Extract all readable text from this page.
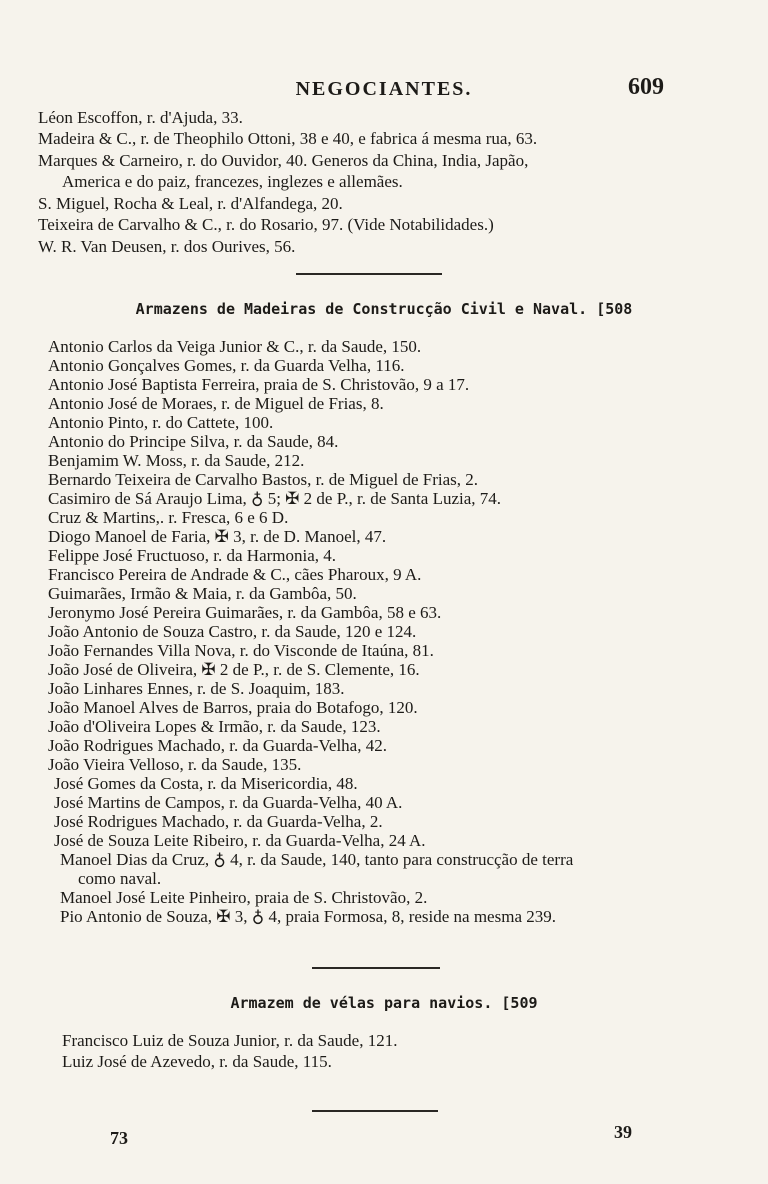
NEGOCIANTES.	609
Léon Escoffon, r. d'Ajuda, 33.
Madeira & C., r. de Theophilo Ottoni, 38 e 40, e fabrica á mesma rua, 63.
Marques & Carneiro, r. do Ouvidor, 40. Generos da China, India, Japão,
America e do paiz, francezes, inglezes e allemães.
S. Miguel, Rocha & Leal, r. d'Alfandega, 20.
Teixeira de Carvalho & C., r. do Rosario, 97. (Vide Notabilidades.)
W. R. Van Deusen, r. dos Ourives, 56.
Armazens de Madeiras de Construcção Civil e Naval. [508
Antonio Carlos da Veiga Junior & C., r. da Saude, 150.
Antonio Gonçalves Gomes, r. da Guarda Velha, 116.
Antonio José Baptista Ferreira, praia de S. Christovão, 9 a 17.
Antonio José de Moraes, r. de Miguel de Frias, 8.
Antonio Pinto, r. do Cattete, 100.
Antonio do Principe Silva, r. da Saude, 84.
Benjamim W. Moss, r. da Saude, 212.
Bernardo Teixeira de Carvalho Bastos, r. de Miguel de Frias, 2.
Casimiro de Sá Araujo Lima, ♁ 5; ✠ 2 de P., r. de Santa Luzia, 74.
Cruz & Martins,. r. Fresca, 6 e 6 D.
Diogo Manoel de Faria, ✠ 3, r. de D. Manoel, 47.
Felippe José Fructuoso, r. da Harmonia, 4.
Francisco Pereira de Andrade & C., cães Pharoux, 9 A.
Guimarães, Irmão & Maia, r. da Gambôa, 50.
Jeronymo José Pereira Guimarães, r. da Gambôa, 58 e 63.
João Antonio de Souza Castro, r. da Saude, 120 e 124.
João Fernandes Villa Nova, r. do Visconde de Itaúna, 81.
João José de Oliveira, ✠ 2 de P., r. de S. Clemente, 16.
João Linhares Ennes, r. de S. Joaquim, 183.
João Manoel Alves de Barros, praia do Botafogo, 120.
João d'Oliveira Lopes & Irmão, r. da Saude, 123.
João Rodrigues Machado, r. da Guarda-Velha, 42.
João Vieira Velloso, r. da Saude, 135.
José Gomes da Costa, r. da Misericordia, 48.
José Martins de Campos, r. da Guarda-Velha, 40 A.
José Rodrigues Machado, r. da Guarda-Velha, 2.
José de Souza Leite Ribeiro, r. da Guarda-Velha, 24 A.
Manoel Dias da Cruz, ♁ 4, r. da Saude, 140, tanto para construcção de terra
como naval.
Manoel José Leite Pinheiro, praia de S. Christovão, 2.
Pio Antonio de Souza, ✠ 3, ♁ 4, praia Formosa, 8, reside na mesma 239.
Armazem de vélas para navios. [509
Francisco Luiz de Souza Junior, r. da Saude, 121.
Luiz José de Azevedo, r. da Saude, 115.
73	39
